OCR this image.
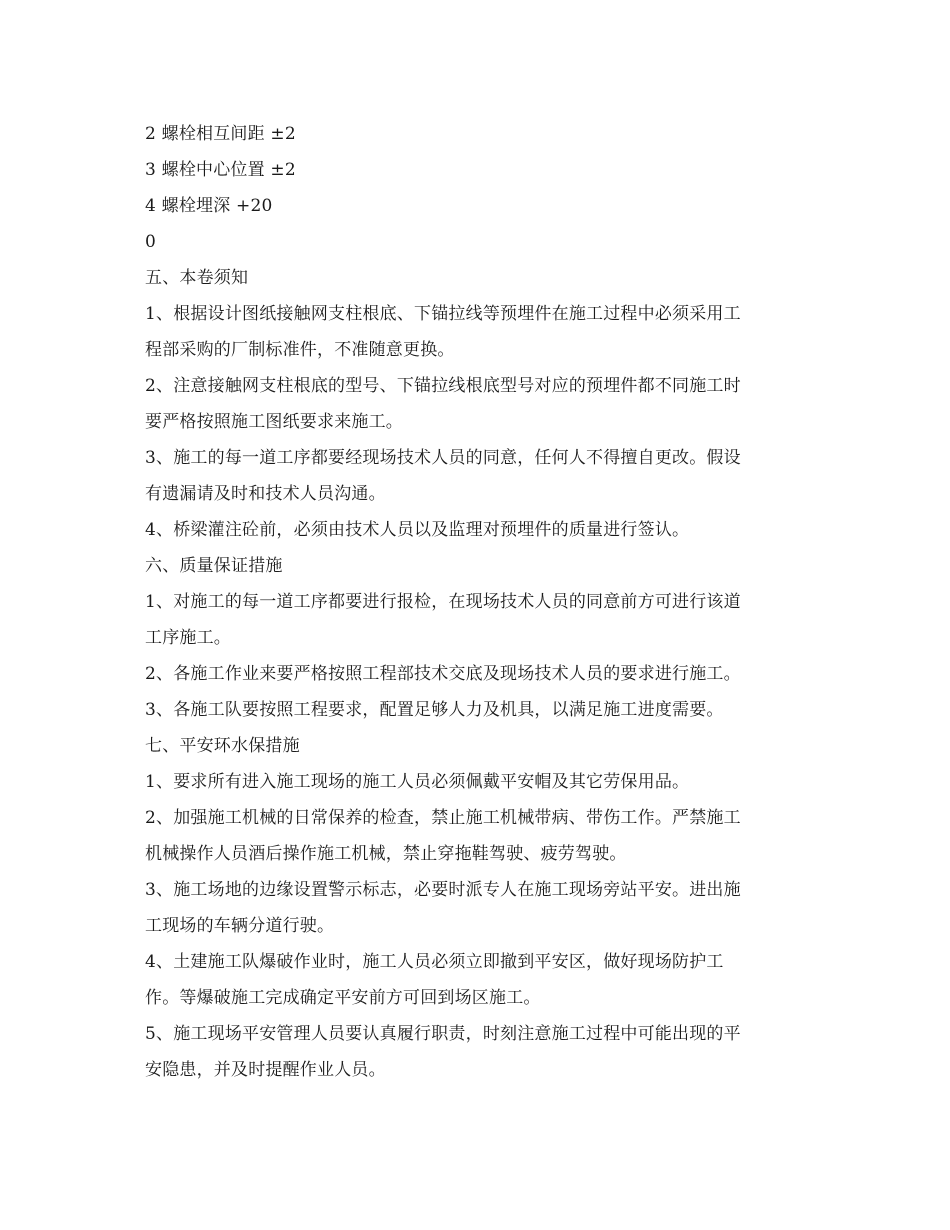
2 螺栓相互间距 ±2
3 螺栓中心位置 ±2
4 螺栓埋深 +20
0
五、本卷须知
1、根据设计图纸接触网支柱根底、下锚拉线等预埋件在施工过程中必须采用工
程部采购的厂制标准件，不准随意更换。
2、注意接触网支柱根底的型号、下锚拉线根底型号对应的预埋件都不同施工时
要严格按照施工图纸要求来施工。
3、施工的每一道工序都要经现场技术人员的同意，任何人不得擅自更改。假设
有遗漏请及时和技术人员沟通。
4、桥梁灌注砼前，必须由技术人员以及监理对预埋件的质量进行签认。
六、质量保证措施
1、对施工的每一道工序都要进行报检，在现场技术人员的同意前方可进行该道
工序施工。
2、各施工作业来要严格按照工程部技术交底及现场技术人员的要求进行施工。
3、各施工队要按照工程要求，配置足够人力及机具，以满足施工进度需要。
七、平安环水保措施
1、要求所有进入施工现场的施工人员必须佩戴平安帽及其它劳保用品。
2、加强施工机械的日常保养的检查，禁止施工机械带病、带伤工作。严禁施工
机械操作人员酒后操作施工机械，禁止穿拖鞋驾驶、疲劳驾驶。
3、施工场地的边缘设置警示标志，必要时派专人在施工现场旁站平安。进出施
工现场的车辆分道行驶。
4、土建施工队爆破作业时，施工人员必须立即撤到平安区，做好现场防护工
作。等爆破施工完成确定平安前方可回到场区施工。
5、施工现场平安管理人员要认真履行职责，时刻注意施工过程中可能出现的平
安隐患，并及时提醒作业人员。
